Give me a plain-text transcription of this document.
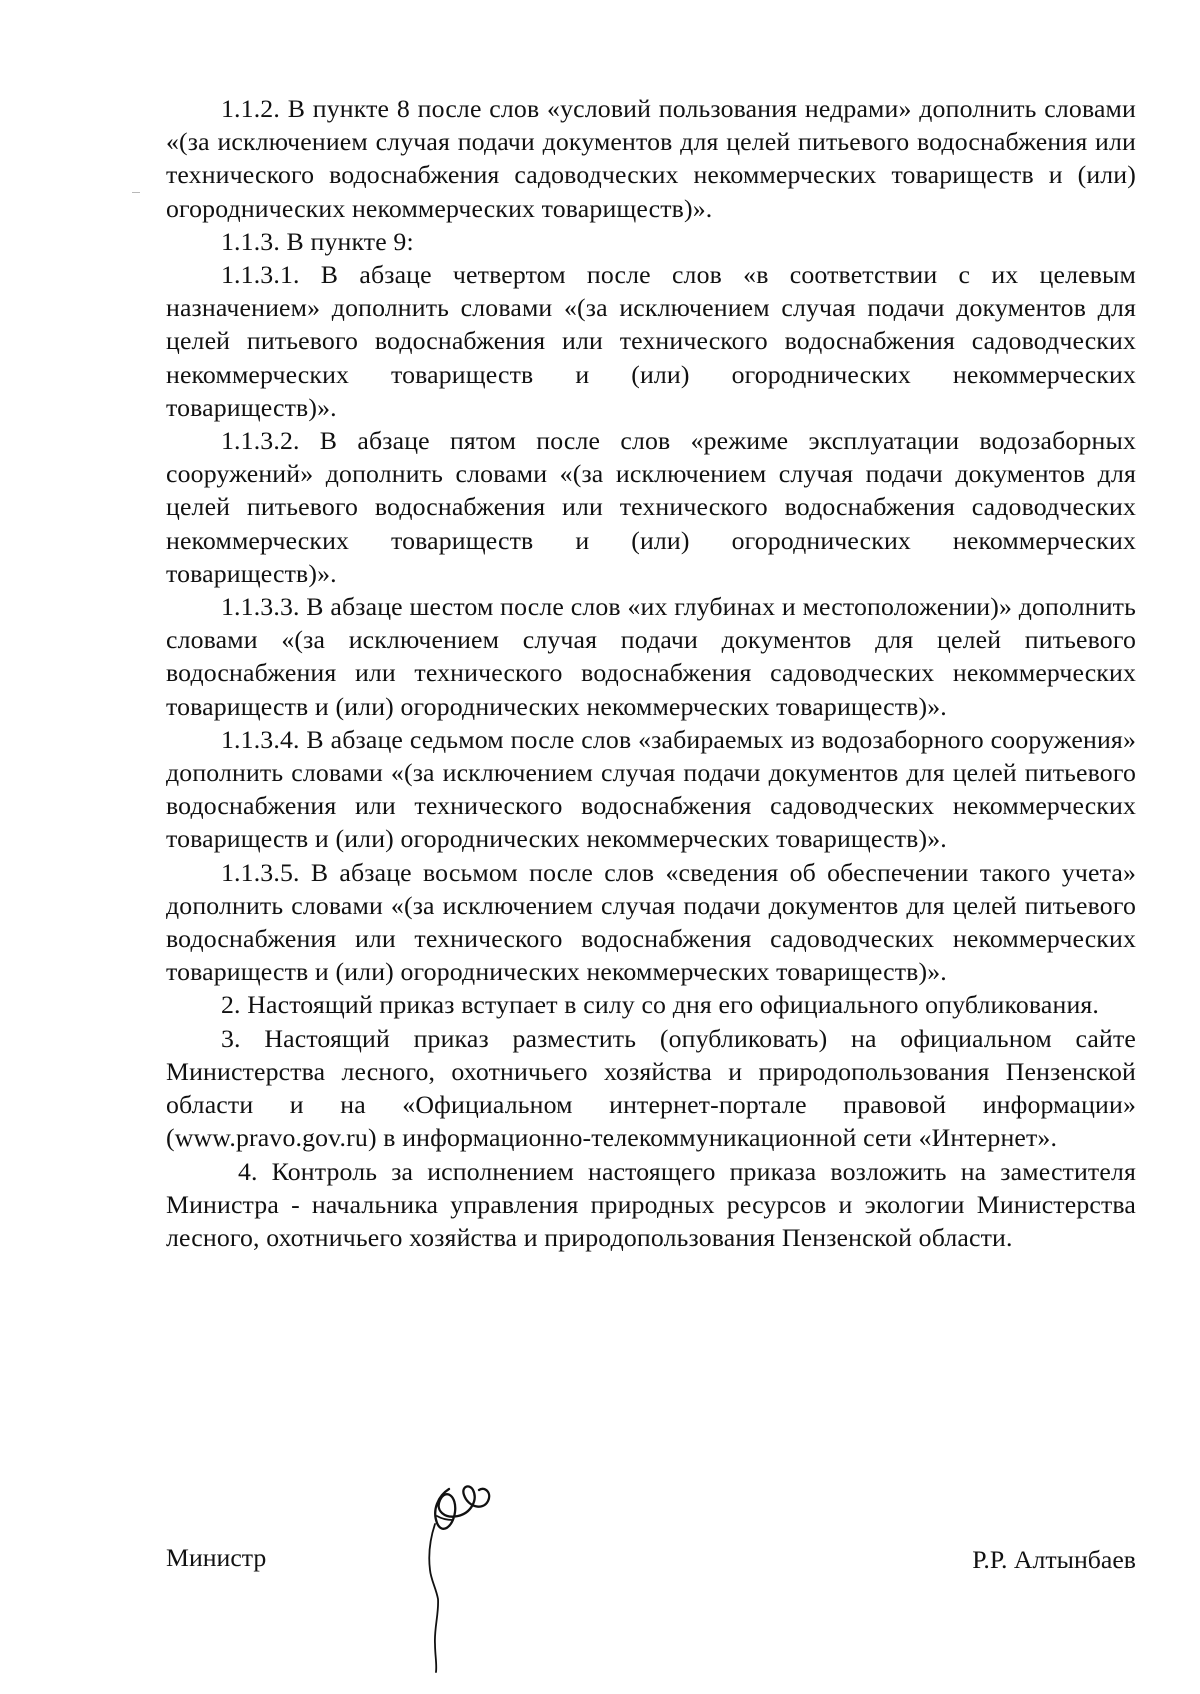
1.1.2. В пункте 8 после слов «условий пользования недрами» дополнить словами «(за исключением случая подачи документов для целей питьевого водоснабжения или технического водоснабжения садоводческих некоммерческих товариществ и (или) огороднических некоммерческих товариществ)».

1.1.3. В пункте 9:

1.1.3.1. В абзаце четвертом после слов «в соответствии с их целевым назначением» дополнить словами «(за исключением случая подачи документов для целей питьевого водоснабжения или технического водоснабжения садоводческих некоммерческих товариществ и (или) огороднических некоммерческих товариществ)».

1.1.3.2. В абзаце пятом после слов «режиме эксплуатации водозаборных сооружений» дополнить словами «(за исключением случая подачи документов для целей питьевого водоснабжения или технического водоснабжения садоводческих некоммерческих товариществ и (или) огороднических некоммерческих товариществ)».

1.1.3.3. В абзаце шестом после слов «их глубинах и местоположении)» дополнить словами «(за исключением случая подачи документов для целей питьевого водоснабжения или технического водоснабжения садоводческих некоммерческих товариществ и (или) огороднических некоммерческих товариществ)».

1.1.3.4. В абзаце седьмом после слов «забираемых из водозаборного сооружения» дополнить словами «(за исключением случая подачи документов для целей питьевого водоснабжения или технического водоснабжения садоводческих некоммерческих товариществ и (или) огороднических некоммерческих товариществ)».

1.1.3.5. В абзаце восьмом после слов «сведения об обеспечении такого учета» дополнить словами «(за исключением случая подачи документов для целей питьевого водоснабжения или технического водоснабжения садоводческих некоммерческих товариществ и (или) огороднических некоммерческих товариществ)».

2. Настоящий приказ вступает в силу со дня его официального опубликования.

3. Настоящий приказ разместить (опубликовать) на официальном сайте Министерства лесного, охотничьего хозяйства и природопользования Пензенской области и на «Официальном интернет-портале правовой информации» (www.pravo.gov.ru) в информационно-телекоммуникационной сети «Интернет».

4. Контроль за исполнением настоящего приказа возложить на заместителя Министра - начальника управления природных ресурсов и экологии Министерства лесного, охотничьего хозяйства и природопользования Пензенской области.

Министр	Р.Р. Алтынбаев
